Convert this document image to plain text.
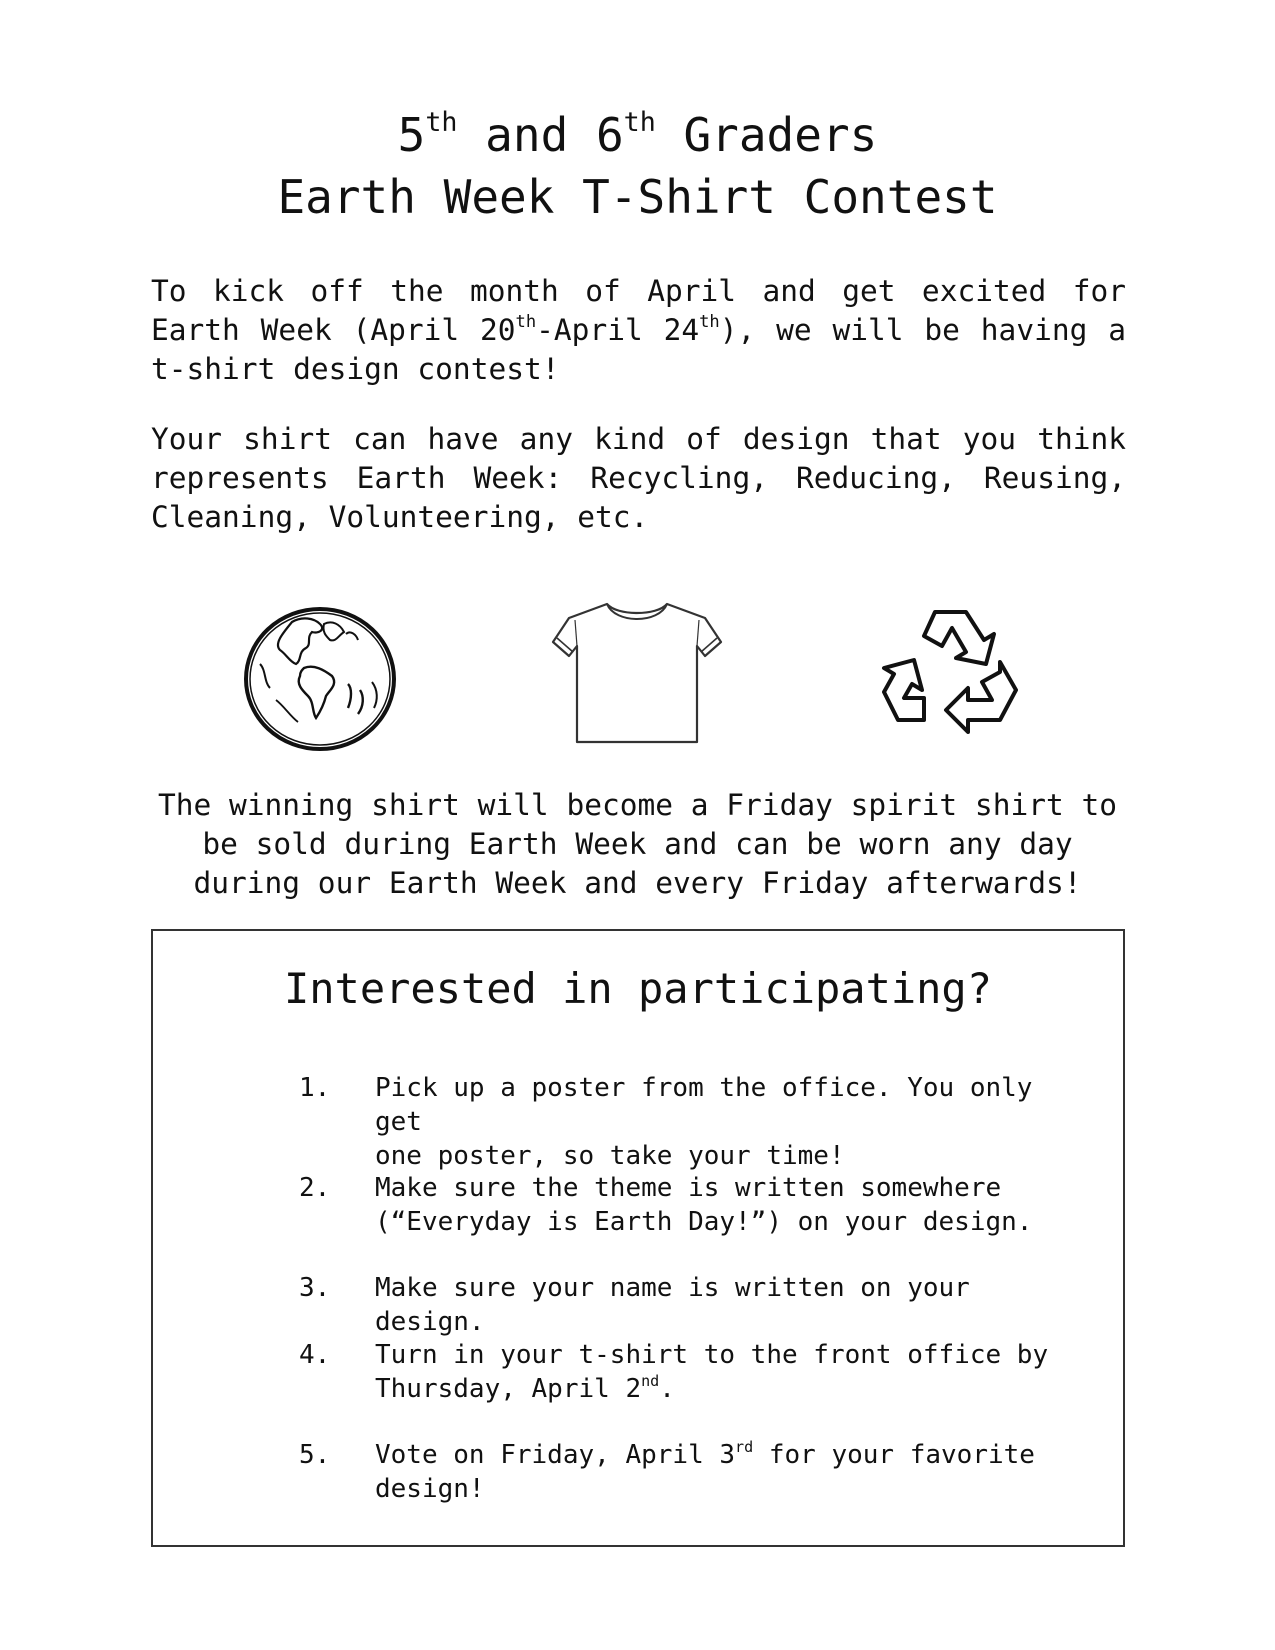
5th and 6th Graders
Earth Week T-Shirt Contest
To kick off the month of April and get excited for Earth Week (April 20th-April 24th), we will be having a t-shirt design contest!
Your shirt can have any kind of design that you think represents Earth Week: Recycling, Reducing, Reusing, Cleaning, Volunteering, etc.
The winning shirt will become a Friday spirit shirt to
be sold during Earth Week and can be worn any day
during our Earth Week and every Friday afterwards!
Interested in participating?
1. Pick up a poster from the office. You only get
one poster, so take your time!
2. Make sure the theme is written somewhere
(“Everyday is Earth Day!”) on your design.
3. Make sure your name is written on your design.
4. Turn in your t-shirt to the front office by
Thursday, April 2nd.
5. Vote on Friday, April 3rd for your favorite
design!
